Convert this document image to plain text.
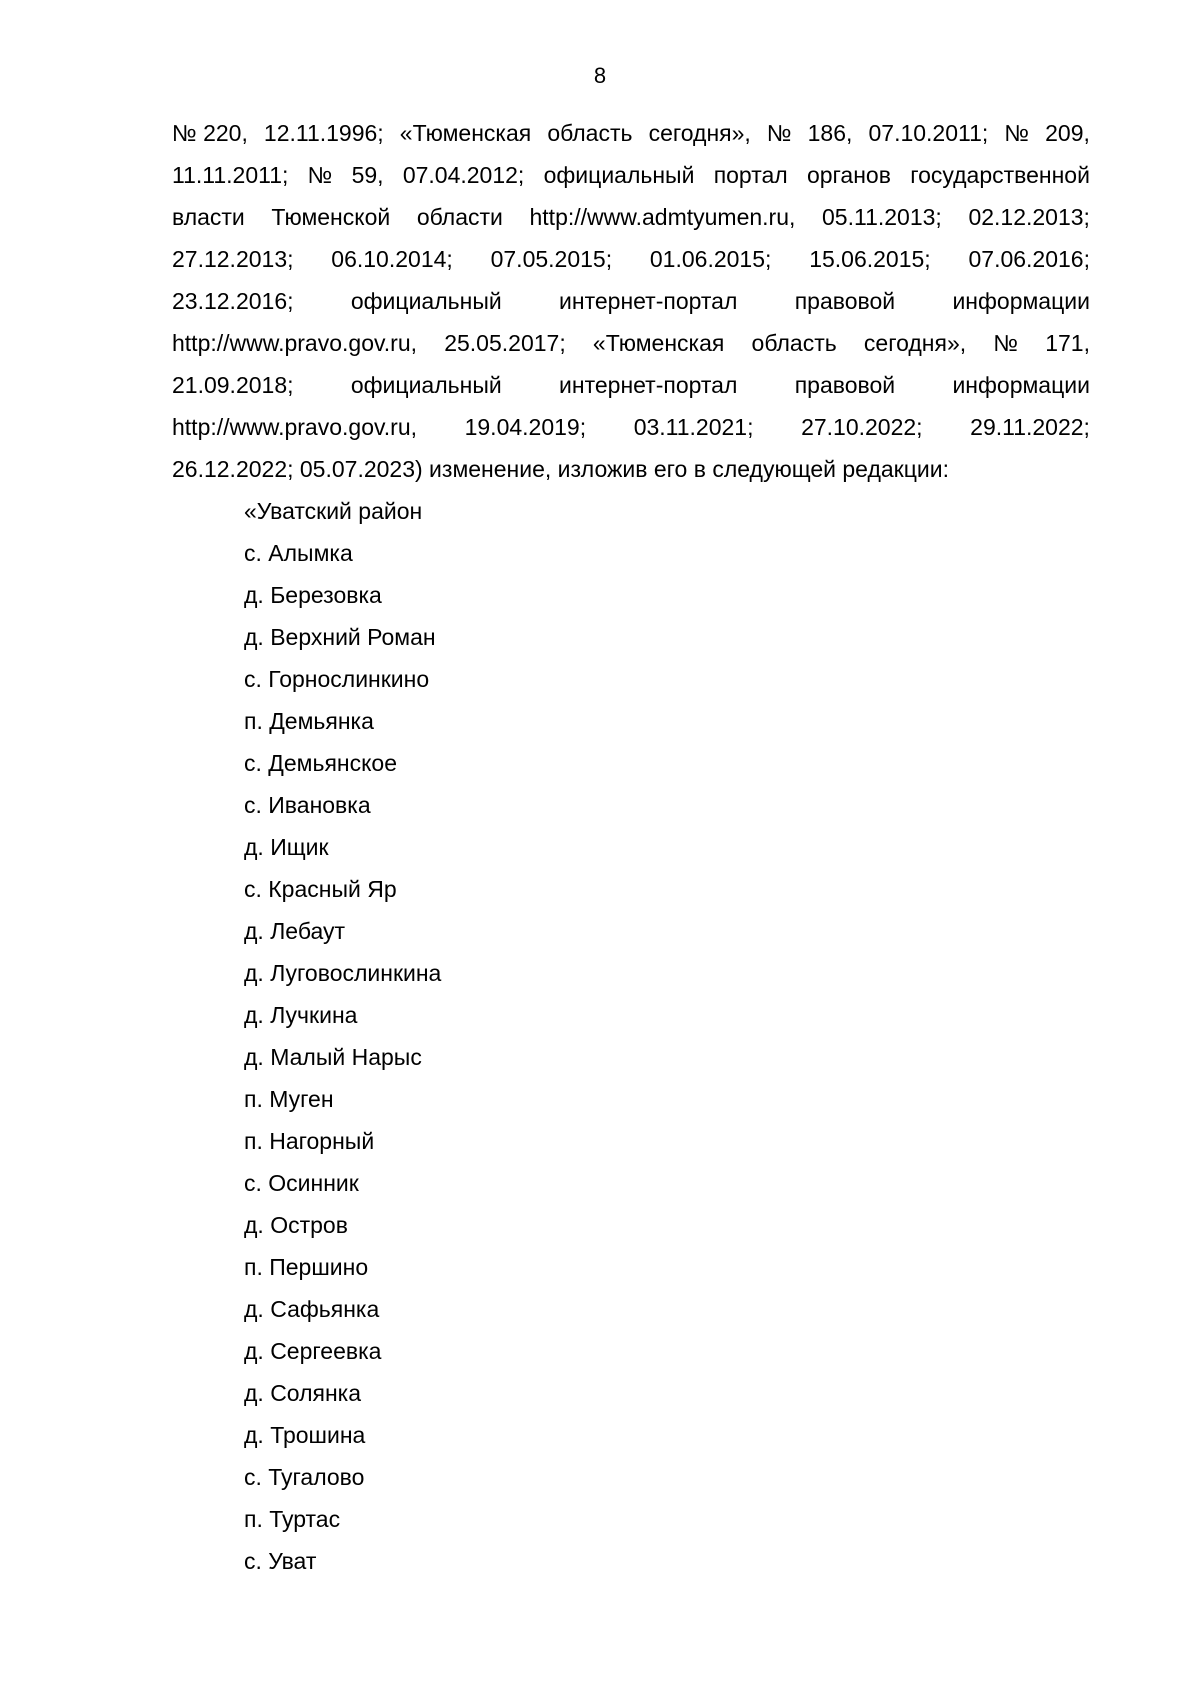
8
№ 220, 12.11.1996; «Тюменская область сегодня», № 186, 07.10.2011; № 209,
11.11.2011; № 59, 07.04.2012; официальный портал органов государственной
власти Тюменской области http://www.admtyumen.ru, 05.11.2013; 02.12.2013;
27.12.2013; 06.10.2014; 07.05.2015; 01.06.2015; 15.06.2015; 07.06.2016;
23.12.2016; официальный интернет-портал правовой информации
http://www.pravo.gov.ru, 25.05.2017; «Тюменская область сегодня», № 171,
21.09.2018; официальный интернет-портал правовой информации
http://www.pravo.gov.ru, 19.04.2019; 03.11.2021; 27.10.2022; 29.11.2022;
26.12.2022; 05.07.2023) изменение, изложив его в следующей редакции:
«Уватский район
с. Алымка
д. Березовка
д. Верхний Роман
с. Горнослинкино
п. Демьянка
с. Демьянское
с. Ивановка
д. Ищик
с. Красный Яр
д. Лебаут
д. Луговослинкина
д. Лучкина
д. Малый Нарыс
п. Муген
п. Нагорный
с. Осинник
д. Остров
п. Першино
д. Сафьянка
д. Сергеевка
д. Солянка
д. Трошина
с. Тугалово
п. Туртас
с. Уват
